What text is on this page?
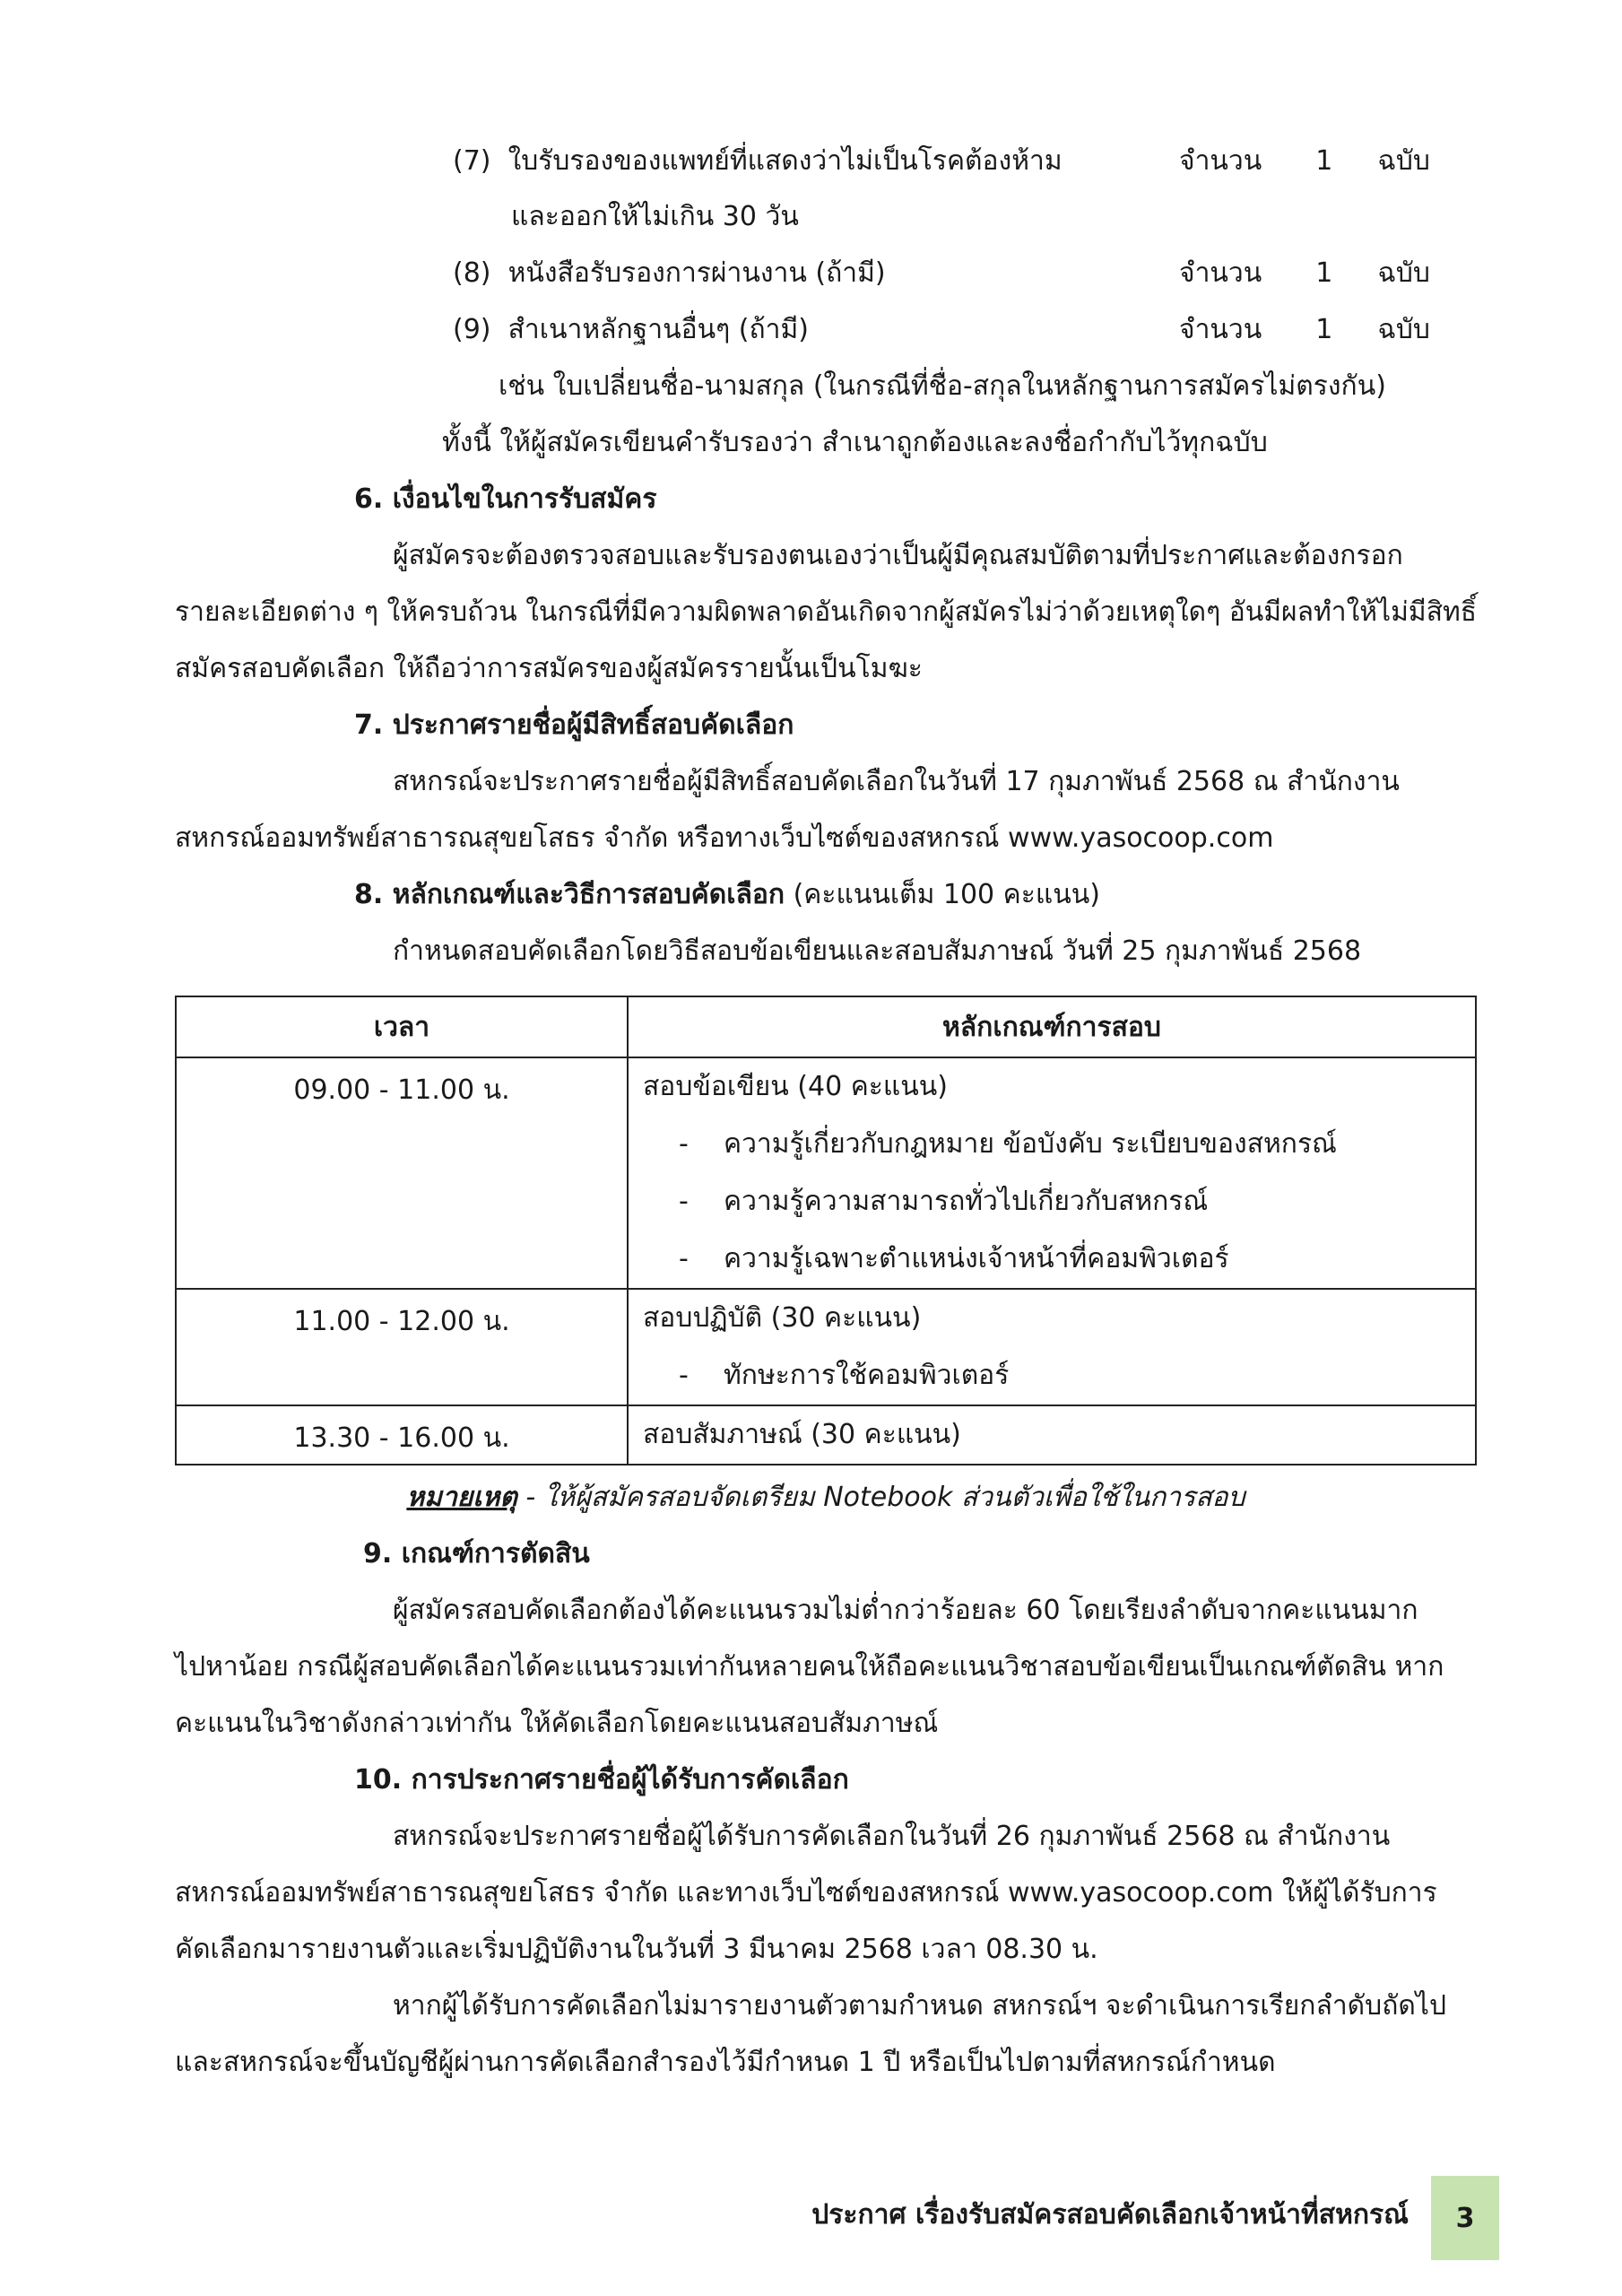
(7) ใบรับรองของแพทย์ที่แสดงว่าไม่เป็นโรคต้องห้าม	จำนวน 1 ฉบับ
และออกให้ไม่เกิน 30 วัน
(8) หนังสือรับรองการผ่านงาน (ถ้ามี)	จำนวน 1 ฉบับ
(9) สำเนาหลักฐานอื่นๆ (ถ้ามี)	จำนวน 1 ฉบับ
เช่น ใบเปลี่ยนชื่อ-นามสกุล (ในกรณีที่ชื่อ-สกุลในหลักฐานการสมัครไม่ตรงกัน)
ทั้งนี้ ให้ผู้สมัครเขียนคำรับรองว่า สำเนาถูกต้องและลงชื่อกำกับไว้ทุกฉบับ
6. เงื่อนไขในการรับสมัคร
ผู้สมัครจะต้องตรวจสอบและรับรองตนเองว่าเป็นผู้มีคุณสมบัติตามที่ประกาศและต้องกรอก
รายละเอียดต่าง ๆ ให้ครบถ้วน ในกรณีที่มีความผิดพลาดอันเกิดจากผู้สมัครไม่ว่าด้วยเหตุใดๆ อันมีผลทำให้ไม่มีสิทธิ์
สมัครสอบคัดเลือก ให้ถือว่าการสมัครของผู้สมัครรายนั้นเป็นโมฆะ
7. ประกาศรายชื่อผู้มีสิทธิ์สอบคัดเลือก
สหกรณ์จะประกาศรายชื่อผู้มีสิทธิ์สอบคัดเลือกในวันที่ 17 กุมภาพันธ์ 2568 ณ สำนักงาน
สหกรณ์ออมทรัพย์สาธารณสุขยโสธร จำกัด หรือทางเว็บไซต์ของสหกรณ์ www.yasocoop.com
8. หลักเกณฑ์และวิธีการสอบคัดเลือก (คะแนนเต็ม 100 คะแนน)
กำหนดสอบคัดเลือกโดยวิธีสอบข้อเขียนและสอบสัมภาษณ์ วันที่ 25 กุมภาพันธ์ 2568
เวลา	หลักเกณฑ์การสอบ
09.00 - 11.00 น.	สอบข้อเขียน (40 คะแนน)
- ความรู้เกี่ยวกับกฎหมาย ข้อบังคับ ระเบียบของสหกรณ์
- ความรู้ความสามารถทั่วไปเกี่ยวกับสหกรณ์
- ความรู้เฉพาะตำแหน่งเจ้าหน้าที่คอมพิวเตอร์

11.00 - 12.00 น.	สอบปฏิบัติ (30 คะแนน)
- ทักษะการใช้คอมพิวเตอร์

13.30 - 16.00 น.	สอบสัมภาษณ์ (30 คะแนน)
หมายเหตุ - ให้ผู้สมัครสอบจัดเตรียม Notebook ส่วนตัวเพื่อใช้ในการสอบ
9. เกณฑ์การตัดสิน
ผู้สมัครสอบคัดเลือกต้องได้คะแนนรวมไม่ต่ำกว่าร้อยละ 60 โดยเรียงลำดับจากคะแนนมาก
ไปหาน้อย กรณีผู้สอบคัดเลือกได้คะแนนรวมเท่ากันหลายคนให้ถือคะแนนวิชาสอบข้อเขียนเป็นเกณฑ์ตัดสิน หาก
คะแนนในวิชาดังกล่าวเท่ากัน ให้คัดเลือกโดยคะแนนสอบสัมภาษณ์
10. การประกาศรายชื่อผู้ได้รับการคัดเลือก
สหกรณ์จะประกาศรายชื่อผู้ได้รับการคัดเลือกในวันที่ 26 กุมภาพันธ์ 2568 ณ สำนักงาน
สหกรณ์ออมทรัพย์สาธารณสุขยโสธร จำกัด และทางเว็บไซต์ของสหกรณ์ www.yasocoop.com ให้ผู้ได้รับการ
คัดเลือกมารายงานตัวและเริ่มปฏิบัติงานในวันที่ 3 มีนาคม 2568 เวลา 08.30 น.
หากผู้ได้รับการคัดเลือกไม่มารายงานตัวตามกำหนด สหกรณ์ฯ จะดำเนินการเรียกลำดับถัดไป
และสหกรณ์จะขึ้นบัญชีผู้ผ่านการคัดเลือกสำรองไว้มีกำหนด 1 ปี หรือเป็นไปตามที่สหกรณ์กำหนด
ประกาศ เรื่องรับสมัครสอบคัดเลือกเจ้าหน้าที่สหกรณ์	3
